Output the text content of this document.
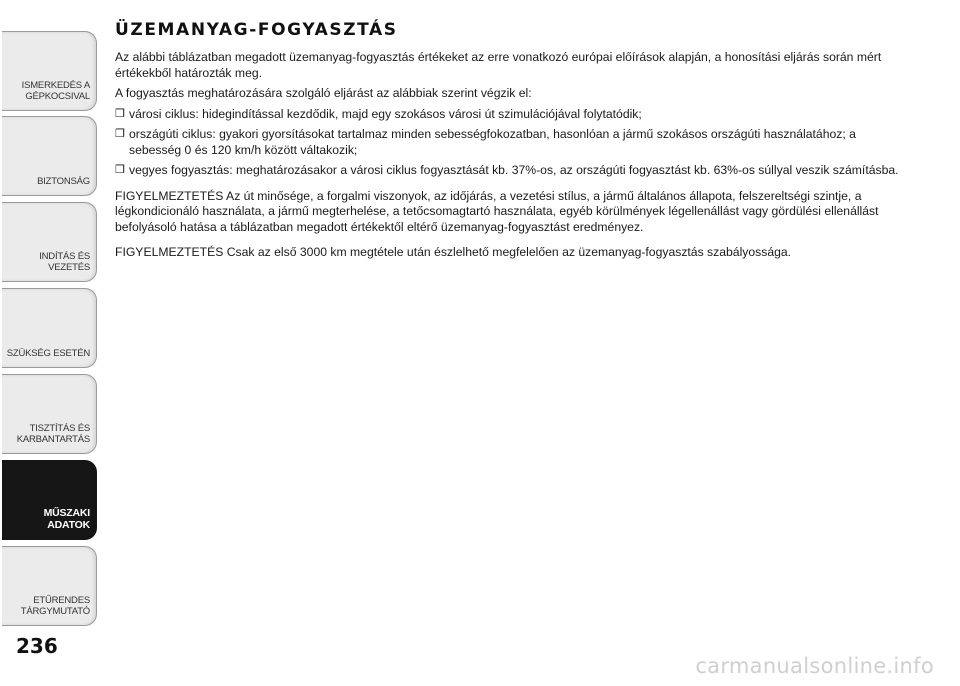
ISMERKEDÉS A
GÉPKOCSIVAL
BIZTONSÁG
INDÍTÁS ÉS VEZETÉS
SZÜKSÉG ESETÉN
TISZTÍTÁS ÉS
KARBANTARTÁS
MŰSZAKI
ADATOK
ETŰRENDES
TÁRGYMUTATÓ
236
ÜZEMANYAG-FOGYASZTÁS

Az alábbi táblázatban megadott üzemanyag-fogyasztás értékeket az erre vonatkozó európai előírások alapján, a honosítási eljárás során mért értékekből határozták meg.

A fogyasztás meghatározására szolgáló eljárást az alábbiak szerint végzik el:

❒ városi ciklus: hidegindítással kezdődik, majd egy szokásos városi út szimulációjával folytatódik;
❒ országúti ciklus: gyakori gyorsításokat tartalmaz minden sebességfokozatban, hasonlóan a jármű szokásos országúti használatához; a sebesség 0 és 120 km/h között váltakozik;
❒ vegyes fogyasztás: meghatározásakor a városi ciklus fogyasztását kb. 37%-os, az országúti fogyasztást kb. 63%-os súllyal veszik számításba.

FIGYELMEZTETÉS Az út minősége, a forgalmi viszonyok, az időjárás, a vezetési stílus, a jármű általános állapota, felszereltségi szintje, a légkondicionáló használata, a jármű megterhelése, a tetőcsomagtartó használata, egyéb körülmények légellenállást vagy gördülési ellenállást befolyásoló hatása a táblázatban megadott értékektől eltérő üzemanyag-fogyasztást eredményez.

FIGYELMEZTETÉS Csak az első 3000 km megtétele után észlelhető megfelelően az üzemanyag-fogyasztás szabályossága.

carmanualsonline.info
